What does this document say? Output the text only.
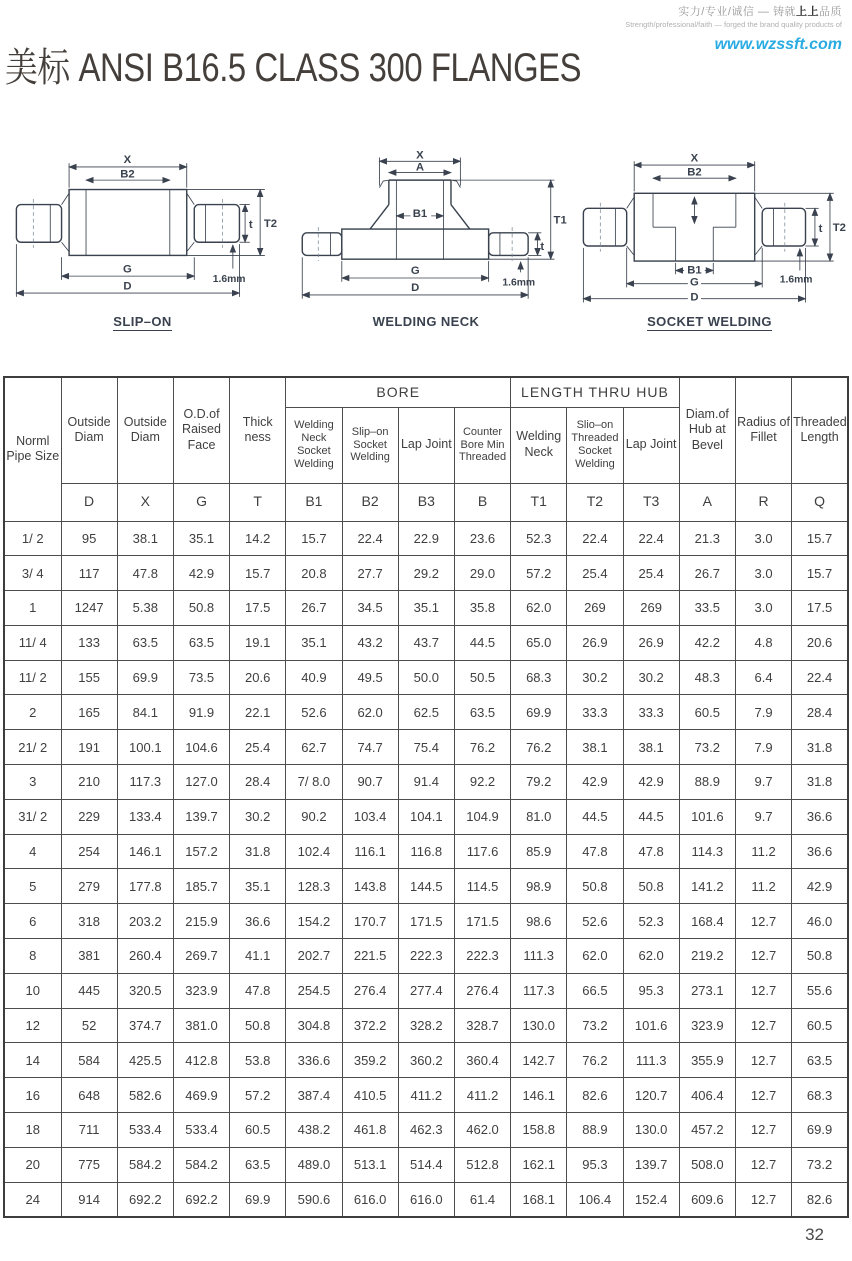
实力/专业/诚信 — 铸就上上品质
Strength/professional/faith — forged the brand quality products of
www.wzssft.com
美标 ANSI B16.5 CLASS 300 FLANGES
X
B2
G
D
t T2
1.6mm
SLIP–ON
X
A
B1
G
D
t
T1
1.6mm
WELDING NECK
X
B2
B1
G
D
t T2
1.6mm
SOCKET WELDING
Norml Pipe Size	Outside Diam	Outside Diam	O.D.of Raised Face	Thick ness	BORE				LENGTH THRU HUB			Diam.of Hub at Bevel	Radius of Fillet	Threaded Length
					Welding Neck Socket Welding	Slip–on Socket Welding	Lap Joint	Counter Bore Min Threaded	Welding Neck	Slio–on Threaded Socket Welding	Lap Joint			
	D	X	G	T	B1	B2	B3	B	T1	T2	T3	A	R	Q
1/ 2	95	38.1	35.1	14.2	15.7	22.4	22.9	23.6	52.3	22.4	22.4	21.3	3.0	15.7
3/ 4	117	47.8	42.9	15.7	20.8	27.7	29.2	29.0	57.2	25.4	25.4	26.7	3.0	15.7
1	1247	5.38	50.8	17.5	26.7	34.5	35.1	35.8	62.0	269	269	33.5	3.0	17.5
11/ 4	133	63.5	63.5	19.1	35.1	43.2	43.7	44.5	65.0	26.9	26.9	42.2	4.8	20.6
11/ 2	155	69.9	73.5	20.6	40.9	49.5	50.0	50.5	68.3	30.2	30.2	48.3	6.4	22.4
2	165	84.1	91.9	22.1	52.6	62.0	62.5	63.5	69.9	33.3	33.3	60.5	7.9	28.4
21/ 2	191	100.1	104.6	25.4	62.7	74.7	75.4	76.2	76.2	38.1	38.1	73.2	7.9	31.8
3	210	117.3	127.0	28.4	7/ 8.0	90.7	91.4	92.2	79.2	42.9	42.9	88.9	9.7	31.8
31/ 2	229	133.4	139.7	30.2	90.2	103.4	104.1	104.9	81.0	44.5	44.5	101.6	9.7	36.6
4	254	146.1	157.2	31.8	102.4	116.1	116.8	117.6	85.9	47.8	47.8	114.3	11.2	36.6
5	279	177.8	185.7	35.1	128.3	143.8	144.5	114.5	98.9	50.8	50.8	141.2	11.2	42.9
6	318	203.2	215.9	36.6	154.2	170.7	171.5	171.5	98.6	52.6	52.3	168.4	12.7	46.0
8	381	260.4	269.7	41.1	202.7	221.5	222.3	222.3	111.3	62.0	62.0	219.2	12.7	50.8
10	445	320.5	323.9	47.8	254.5	276.4	277.4	276.4	117.3	66.5	95.3	273.1	12.7	55.6
12	52	374.7	381.0	50.8	304.8	372.2	328.2	328.7	130.0	73.2	101.6	323.9	12.7	60.5
14	584	425.5	412.8	53.8	336.6	359.2	360.2	360.4	142.7	76.2	111.3	355.9	12.7	63.5
16	648	582.6	469.9	57.2	387.4	410.5	411.2	411.2	146.1	82.6	120.7	406.4	12.7	68.3
18	711	533.4	533.4	60.5	438.2	461.8	462.3	462.0	158.8	88.9	130.0	457.2	12.7	69.9
20	775	584.2	584.2	63.5	489.0	513.1	514.4	512.8	162.1	95.3	139.7	508.0	12.7	73.2
24	914	692.2	692.2	69.9	590.6	616.0	616.0	61.4	168.1	106.4	152.4	609.6	12.7	82.6
32
